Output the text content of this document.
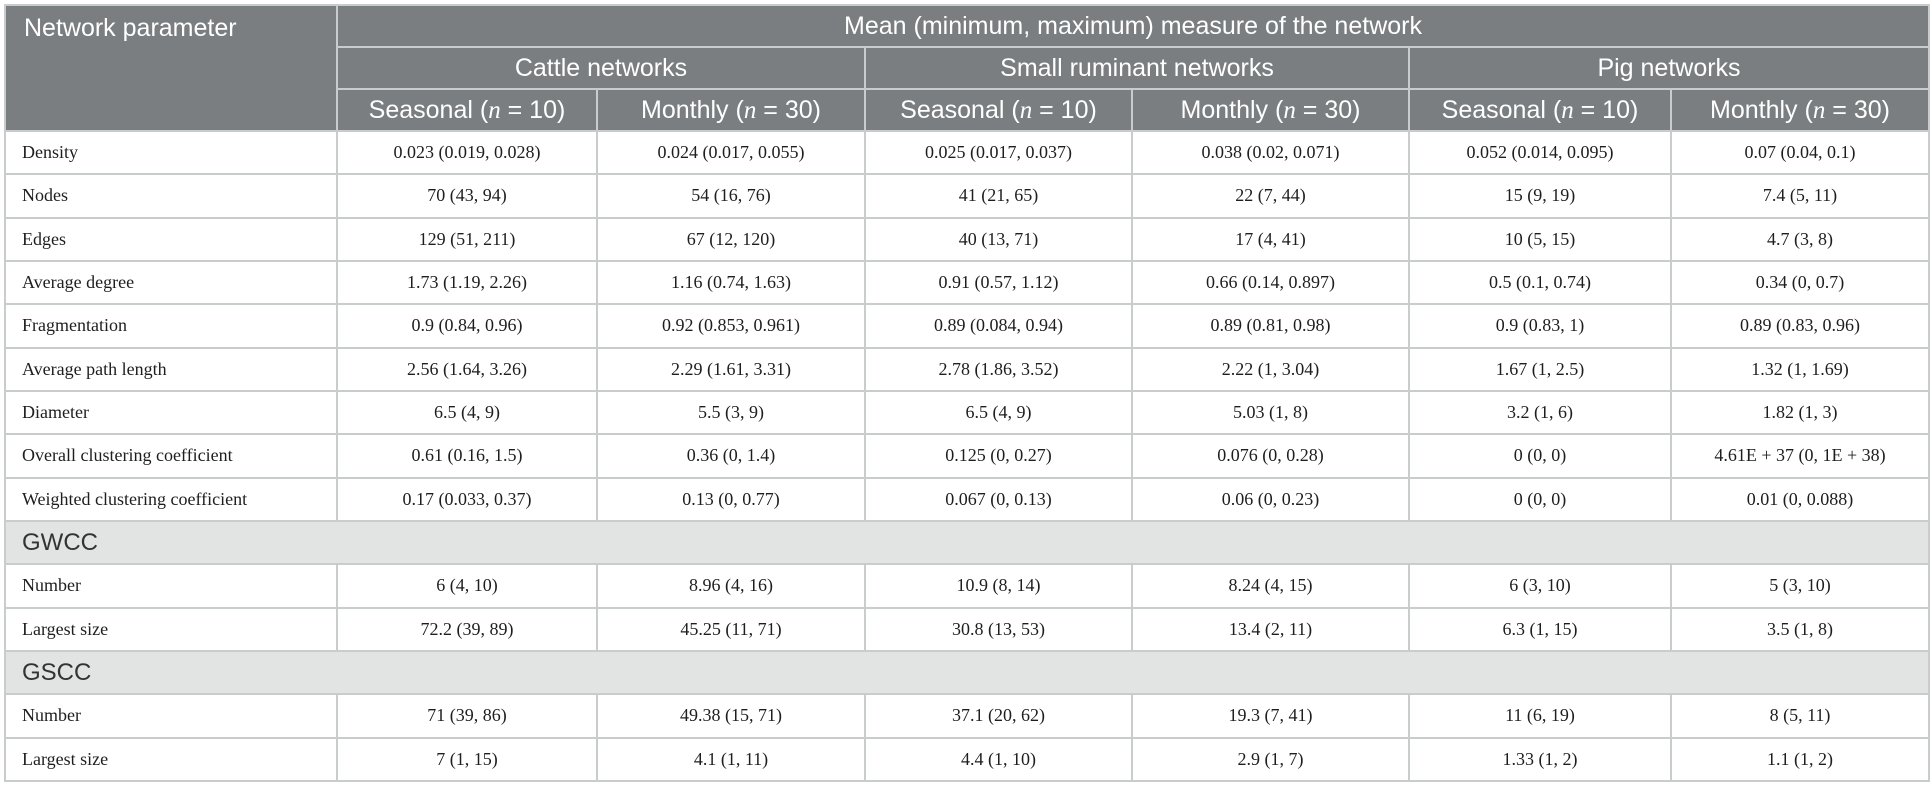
Network parameter	Mean (minimum, maximum) measure of the network					
	Cattle networks		Small ruminant networks		Pig networks	
	Seasonal (n = 10)	Monthly (n = 30)	Seasonal (n = 10)	Monthly (n = 30)	Seasonal (n = 10)	Monthly (n = 30)
Density	0.023 (0.019, 0.028)	0.024 (0.017, 0.055)	0.025 (0.017, 0.037)	0.038 (0.02, 0.071)	0.052 (0.014, 0.095)	0.07 (0.04, 0.1)
Nodes	70 (43, 94)	54 (16, 76)	41 (21, 65)	22 (7, 44)	15 (9, 19)	7.4 (5, 11)
Edges	129 (51, 211)	67 (12, 120)	40 (13, 71)	17 (4, 41)	10 (5, 15)	4.7 (3, 8)
Average degree	1.73 (1.19, 2.26)	1.16 (0.74, 1.63)	0.91 (0.57, 1.12)	0.66 (0.14, 0.897)	0.5 (0.1, 0.74)	0.34 (0, 0.7)
Fragmentation	0.9 (0.84, 0.96)	0.92 (0.853, 0.961)	0.89 (0.084, 0.94)	0.89 (0.81, 0.98)	0.9 (0.83, 1)	0.89 (0.83, 0.96)
Average path length	2.56 (1.64, 3.26)	2.29 (1.61, 3.31)	2.78 (1.86, 3.52)	2.22 (1, 3.04)	1.67 (1, 2.5)	1.32 (1, 1.69)
Diameter	6.5 (4, 9)	5.5 (3, 9)	6.5 (4, 9)	5.03 (1, 8)	3.2 (1, 6)	1.82 (1, 3)
Overall clustering coefficient	0.61 (0.16, 1.5)	0.36 (0, 1.4)	0.125 (0, 0.27)	0.076 (0, 0.28)	0 (0, 0)	4.61E + 37 (0, 1E + 38)
Weighted clustering coefficient	0.17 (0.033, 0.37)	0.13 (0, 0.77)	0.067 (0, 0.13)	0.06 (0, 0.23)	0 (0, 0)	0.01 (0, 0.088)
GWCC						
Number	6 (4, 10)	8.96 (4, 16)	10.9 (8, 14)	8.24 (4, 15)	6 (3, 10)	5 (3, 10)
Largest size	72.2 (39, 89)	45.25 (11, 71)	30.8 (13, 53)	13.4 (2, 11)	6.3 (1, 15)	3.5 (1, 8)
GSCC						
Number	71 (39, 86)	49.38 (15, 71)	37.1 (20, 62)	19.3 (7, 41)	11 (6, 19)	8 (5, 11)
Largest size	7 (1, 15)	4.1 (1, 11)	4.4 (1, 10)	2.9 (1, 7)	1.33 (1, 2)	1.1 (1, 2)
